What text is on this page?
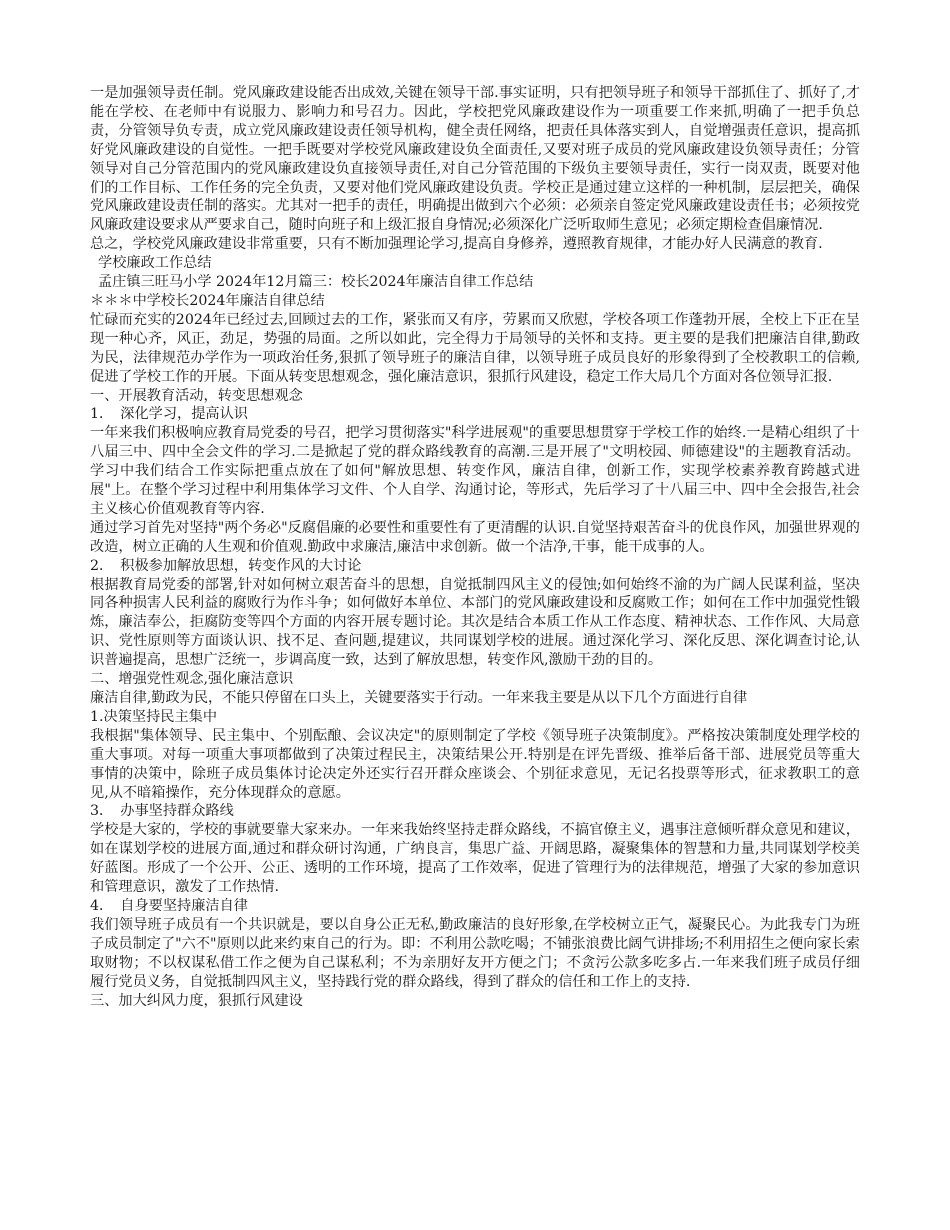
一是加强领导责任制。党风廉政建设能否出成效,关键在领导干部.事实证明，只有把领导班子和领导干部抓住了、抓好了,才能在学校、在老师中有说服力、影响力和号召力。因此，学校把党风廉政建设作为一项重要工作来抓,明确了一把手负总责，分管领导负专责，成立党风廉政建设责任领导机构，健全责任网络，把责任具体落实到人，自觉增强责任意识，提高抓好党风廉政建设的自觉性。一把手既要对学校党风廉政建设负全面责任,又要对班子成员的党风廉政建设负领导责任；分管领导对自己分管范围内的党风廉政建设负直接领导责任,对自己分管范围的下级负主要领导责任，实行一岗双责，既要对他们的工作目标、工作任务的完全负责，又要对他们党风廉政建设负责。学校正是通过建立这样的一种机制，层层把关，确保党风廉政建设责任制的落实。尤其对一把手的责任，明确提出做到六个必须：必须亲自签定党风廉政建设责任书；必须按党风廉政建设要求从严要求自己，随时向班子和上级汇报自身情况;必须深化广泛听取师生意见；必须定期检查倡廉情况.

总之，学校党风廉政建设非常重要，只有不断加强理论学习,提高自身修养，遵照教育规律，才能办好人民满意的教育.

学校廉政工作总结

孟庄镇三旺马小学 2024年12月篇三：校长2024年廉洁自律工作总结

＊＊＊中学校长2024年廉洁自律总结

忙碌而充实的2024年已经过去,回顾过去的工作，紧张而又有序，劳累而又欣慰，学校各项工作蓬勃开展，全校上下正在呈现一种心齐，风正，劲足，势强的局面。之所以如此，完全得力于局领导的关怀和支持。更主要的是我们把廉洁自律,勤政为民，法律规范办学作为一项政治任务,狠抓了领导班子的廉洁自律，以领导班子成员良好的形象得到了全校教职工的信赖,促进了学校工作的开展。下面从转变思想观念，强化廉洁意识，狠抓行风建设，稳定工作大局几个方面对各位领导汇报.

一、开展教育活动，转变思想观念

1．　深化学习，提高认识

一年来我们积极响应教育局党委的号召，把学习贯彻落实"科学进展观"的重要思想贯穿于学校工作的始终.一是精心组织了十八届三中、四中全会文件的学习.二是掀起了党的群众路线教育的高潮.三是开展了"文明校园、师德建设"的主题教育活动。学习中我们结合工作实际把重点放在了如何"解放思想、转变作风，廉洁自律，创新工作，实现学校素养教育跨越式进展"上。在整个学习过程中利用集体学习文件、个人自学、沟通讨论，等形式，先后学习了十八届三中、四中全会报告,社会主义核心价值观教育等内容.

通过学习首先对坚持"两个务必"反腐倡廉的必要性和重要性有了更清醒的认识.自觉坚持艰苦奋斗的优良作风，加强世界观的改造，树立正确的人生观和价值观.勤政中求廉洁,廉洁中求创新。做一个洁净,干事，能干成事的人。

2．　积极参加解放思想，转变作风的大讨论

根据教育局党委的部署,针对如何树立艰苦奋斗的思想，自觉抵制四风主义的侵蚀;如何始终不渝的为广阔人民谋利益，坚决同各种损害人民利益的腐败行为作斗争；如何做好本单位、本部门的党风廉政建设和反腐败工作；如何在工作中加强党性锻炼，廉洁奉公，拒腐防变等四个方面的内容开展专题讨论。其次是结合本质工作从工作态度、精神状态、工作作风、大局意识、党性原则等方面谈认识、找不足、查问题,提建议，共同谋划学校的进展。通过深化学习、深化反思、深化调查讨论,认识普遍提高，思想广泛统一，步调高度一致，达到了解放思想，转变作风,激励干劲的目的。

二、增强党性观念,强化廉洁意识

廉洁自律,勤政为民，不能只停留在口头上，关键要落实于行动。一年来我主要是从以下几个方面进行自律

1.决策坚持民主集中

我根据"集体领导、民主集中、个别酝酿、会议决定"的原则制定了学校《领导班子决策制度》。严格按决策制度处理学校的重大事项。对每一项重大事项都做到了决策过程民主，决策结果公开.特别是在评先晋级、推举后备干部、进展党员等重大事情的决策中，除班子成员集体讨论决定外还实行召开群众座谈会、个别征求意见，无记名投票等形式，征求教职工的意见,从不暗箱操作，充分体现群众的意愿。

3．　办事坚持群众路线

学校是大家的，学校的事就要靠大家来办。一年来我始终坚持走群众路线，不搞官僚主义，遇事注意倾听群众意见和建议，如在谋划学校的进展方面,通过和群众研讨沟通，广纳良言，集思广益、开阔思路，凝聚集体的智慧和力量,共同谋划学校美好蓝图。形成了一个公开、公正、透明的工作环境，提高了工作效率，促进了管理行为的法律规范，增强了大家的参加意识和管理意识，激发了工作热情.

4．　自身要坚持廉洁自律

我们领导班子成员有一个共识就是，要以自身公正无私,勤政廉洁的良好形象,在学校树立正气，凝聚民心。为此我专门为班子成员制定了"六不"原则以此来约束自己的行为。即：不利用公款吃喝；不铺张浪费比阔气讲排场;不利用招生之便向家长索取财物；不以权谋私借工作之便为自己谋私利；不为亲朋好友开方便之门；不贪污公款多吃多占.一年来我们班子成员仔细履行党员义务，自觉抵制四风主义，坚持践行党的群众路线，得到了群众的信任和工作上的支持.

三、加大纠风力度，狠抓行风建设
